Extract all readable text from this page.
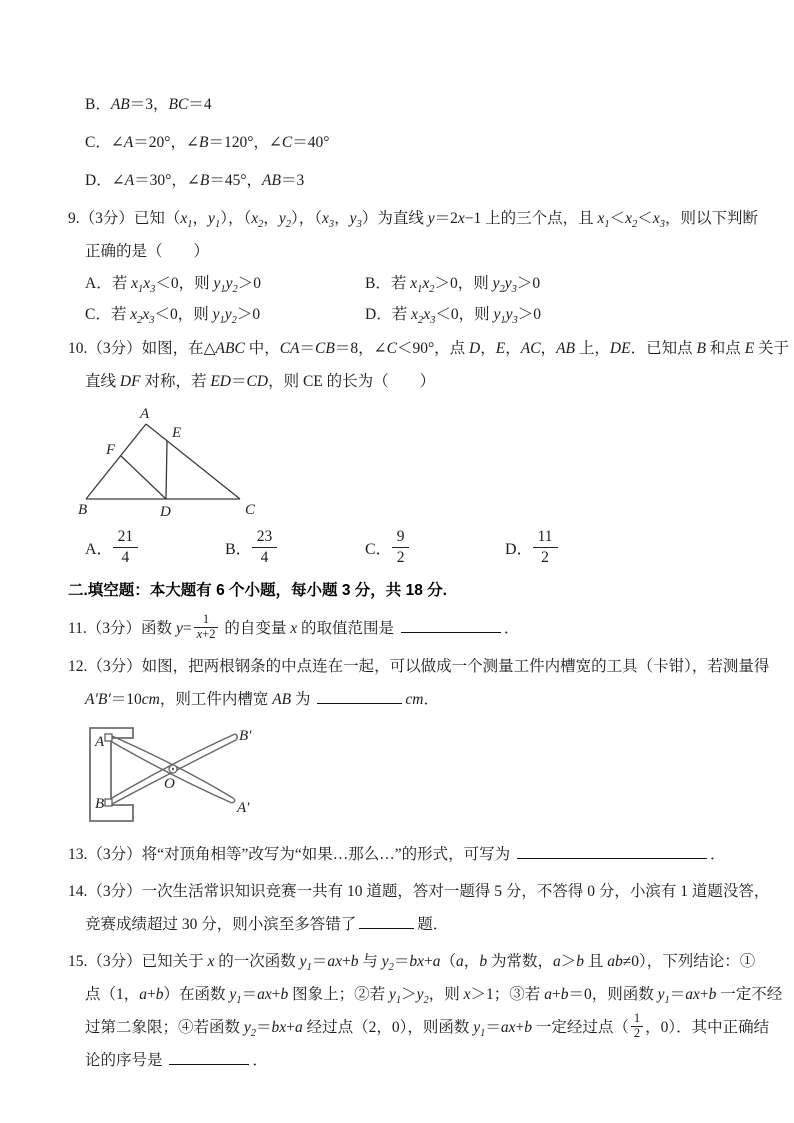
B．AB＝3，BC＝4
C．∠A＝20°，∠B＝120°，∠C＝40°
D．∠A＝30°，∠B＝45°，AB＝3
9.（3分）已知（$x_1$，$y_1$），（$x_2$，$y_2$），（$x_3$，$y_3$）为直线 y＝2x−1 上的三个点，且 $x_1<x_2<x_3$，则以下判断
正确的是（　　）
A．若 $x_1x_3<0$，则 $y_1y_2>0$	B．若 $x_1x_2>0$，则 $y_2y_3>0$
C．若 $x_2x_3<0$，则 $y_1y_2>0$	D．若 $x_2x_3<0$，则 $y_1y_3>0$
10.（3分）如图，在△ABC 中，CA＝CB＝8，∠C＜90°，点 D，E，AC，AB 上，DE．已知点 B 和点 E 关于
直线 DF 对称，若 ED＝CD，则 CE 的长为（　　）
A
E
F
B	D	C
A． $\frac{21}{4}$	B． $\frac{23}{4}$	C． $\frac{9}{2}$	D． $\frac{11}{2}$
二.填空题：本大题有 6 个小题，每小题 3 分，共 18 分.
11.（3分）函数 $y= \frac{1}{x+2}$ 的自变量 x 的取值范围是	．
12.（3分）如图，把两根钢条的中点连在一起，可以做成一个测量工件内槽宽的工具（卡钳），若测量得
A′B′＝10cm，则工件内槽宽 AB 为	cm．
A
B
O
B′
A′
13.（3分）将“对顶角相等”改写为“如果…那么…”的形式，可写为	．
14.（3分）一次生活常识知识竞赛一共有 10 道题，答对一题得 5 分，不答得 0 分，小滨有 1 道题没答，
竞赛成绩超过 30 分，则小滨至多答错了	题．
15.（3分）已知关于 x 的一次函数 $y_1=ax+b$ 与 $y_2=bx+a(a$，b 为常数，a＞b 且 ab≠0），下列结论：①
点（1，a+b）在函数 $y_1=ax+b$ 图象上；②若 $y_1>y_2$，则 x＞1；③若 a+b＝0，则函数 $y_1=ax+b$ 一定不经
过第二象限；④若函数 $y_2=bx+a$ 经过点（2，0），则函数 $y_1=ax+b$ 一定经过点（ $\frac{1}{2}$ ，0）．其中正确结
论的序号是	．
